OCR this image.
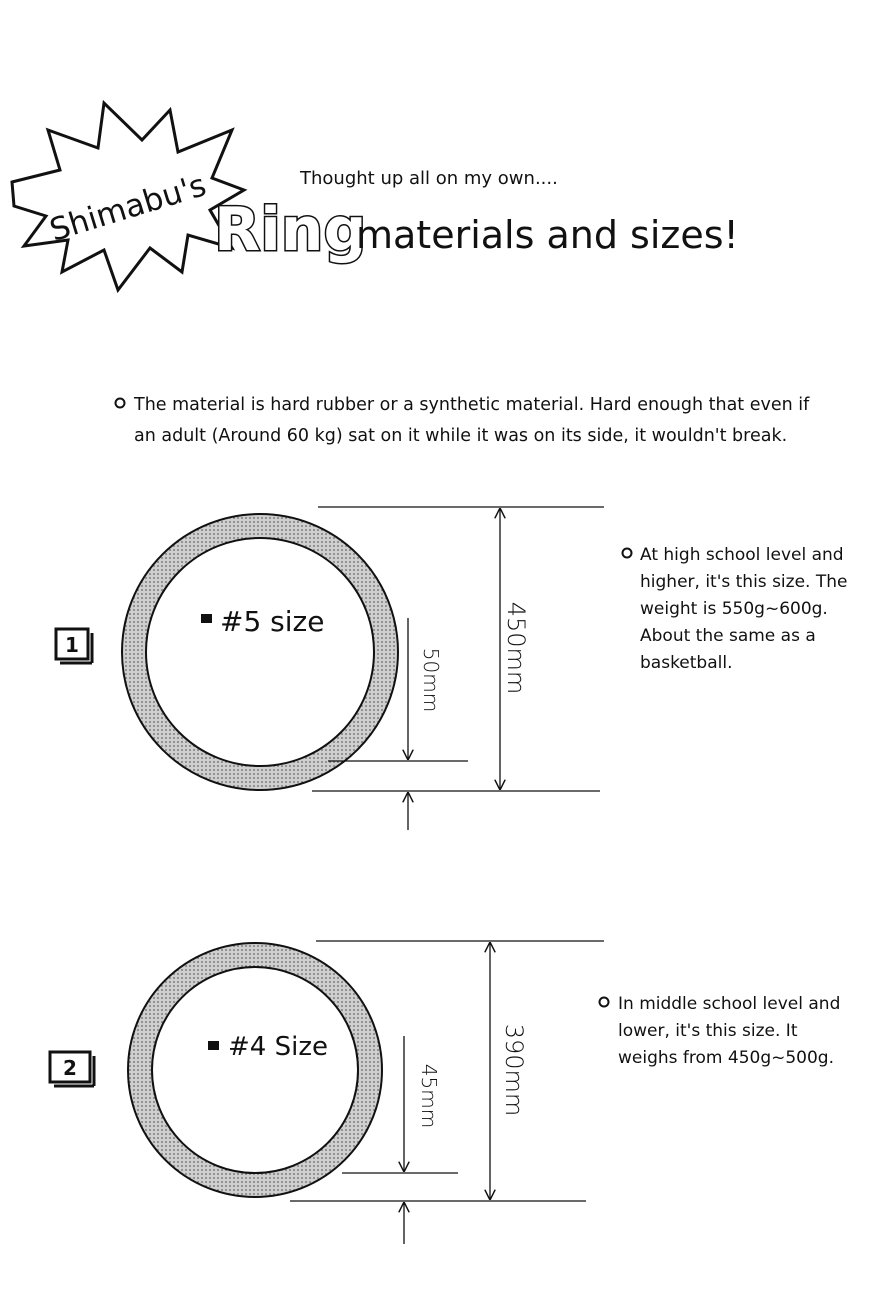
Shimabu's	Thought up all on my own....
Ring
materials and sizes!
The material is hard rubber or a synthetic material. Hard enough that even if
an adult (Around 60 kg) sat on it while it was on its side, it wouldn't break.
1
#5 size	450mm
50mm
At high school level and
higher, it's this size. The
weight is 550g~600g.
About the same as a
basketball.
2
#4 Size	390mm
45mm
In middle school level and
lower, it's this size. It
weighs from 450g~500g.
